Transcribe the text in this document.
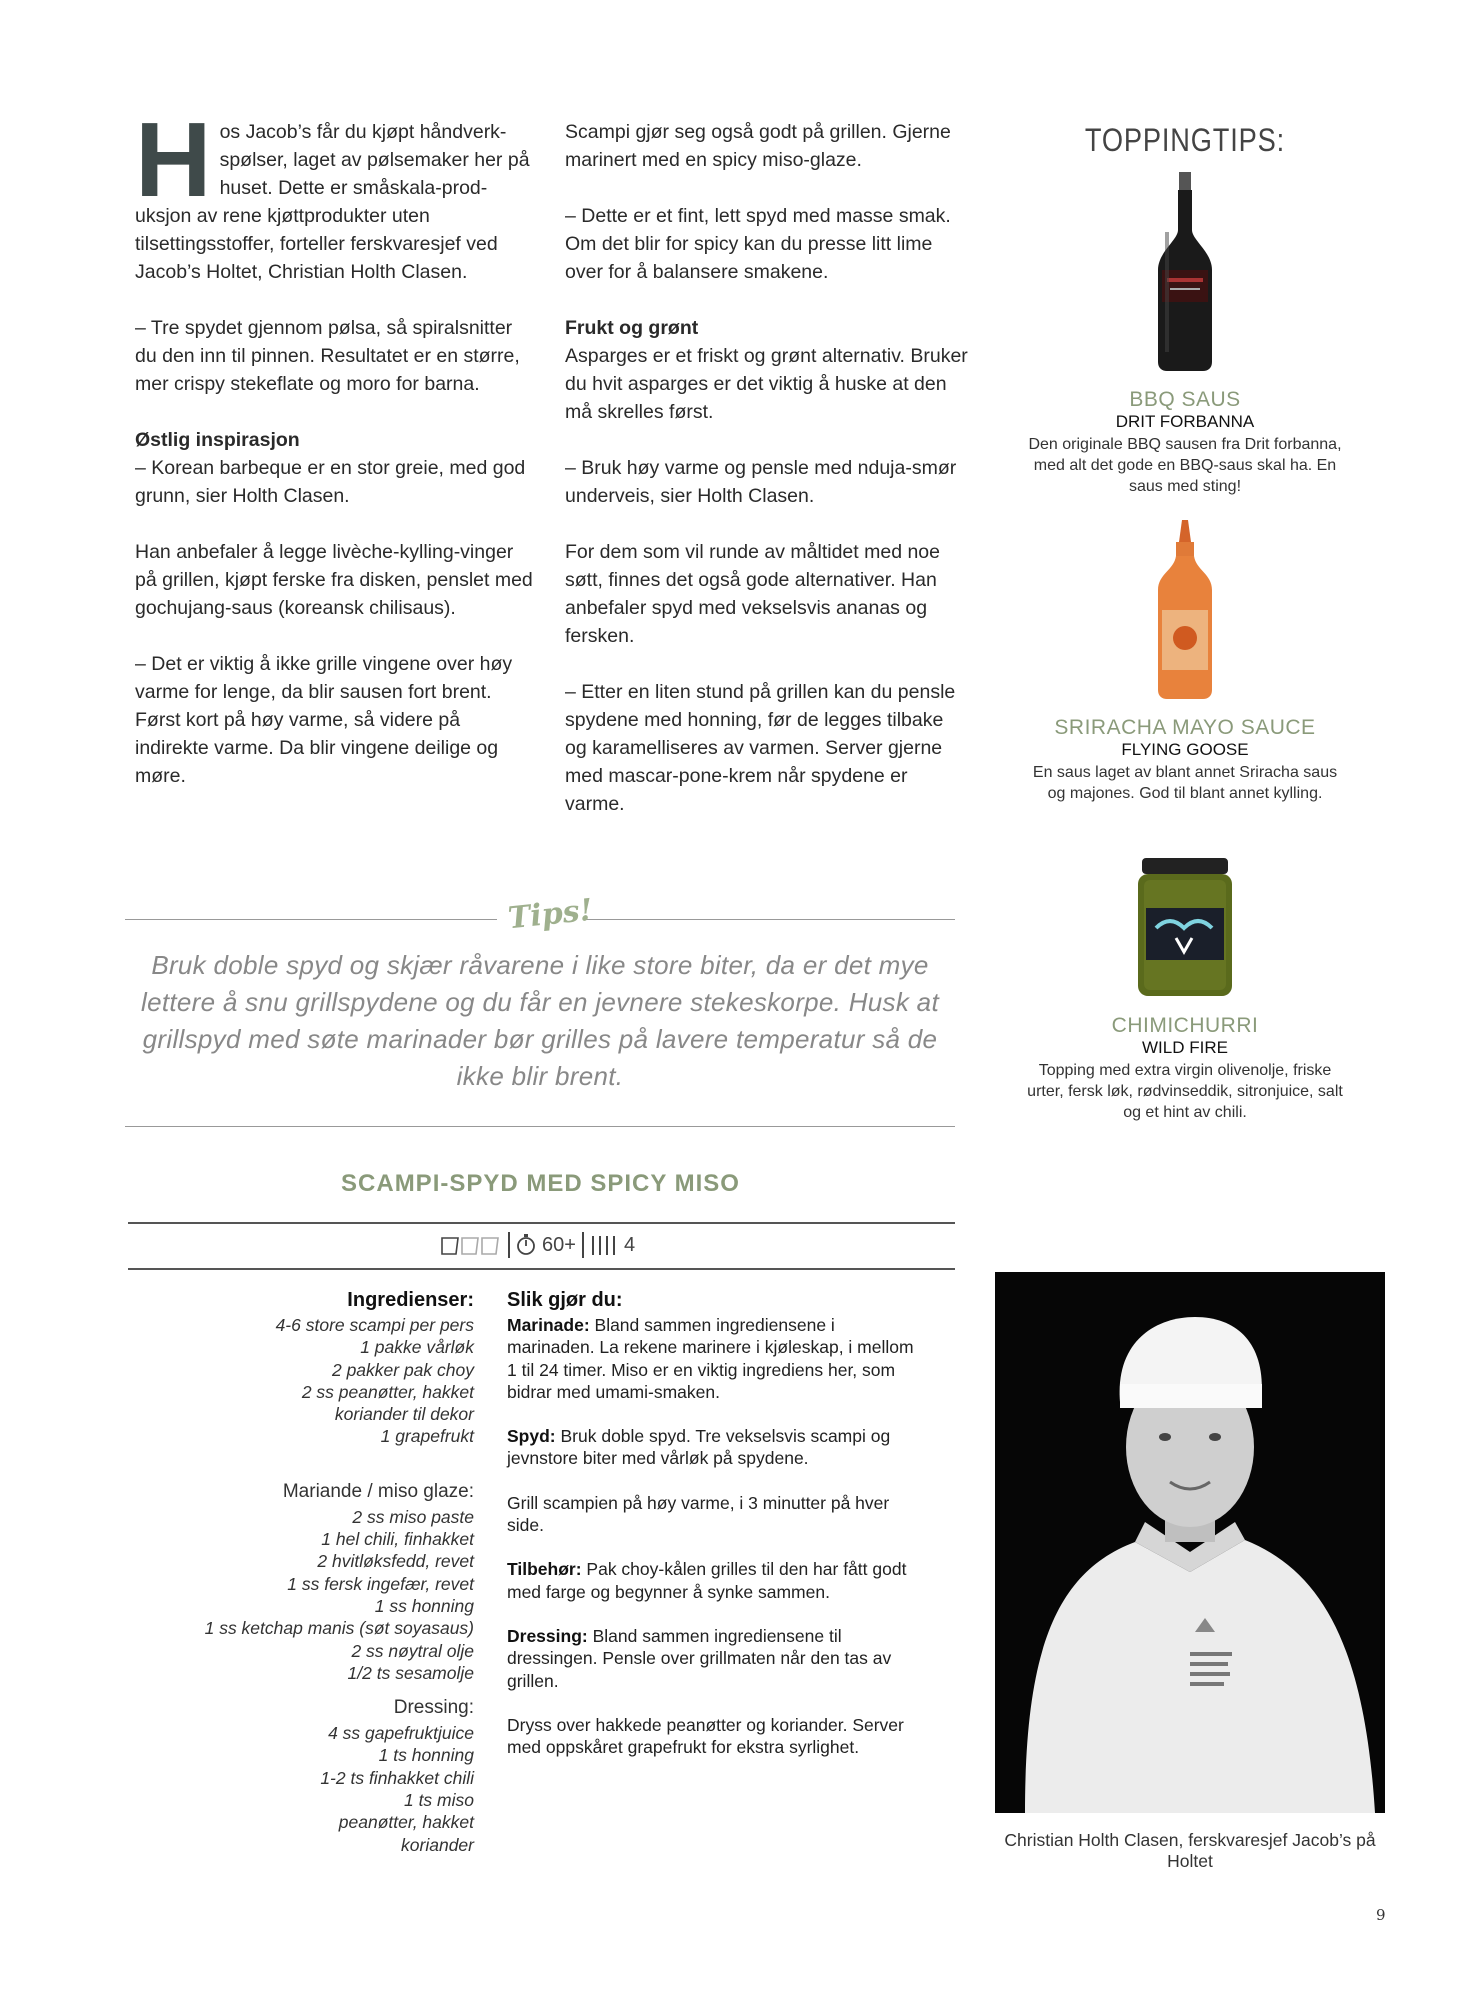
Hos Jacob’s får du kjøpt håndverk-spølser, laget av pølsemaker her på huset. Dette er småskala-prod-uksjon av rene kjøttprodukter uten tilsettingsstoffer, forteller ferskvaresjef ved Jacob’s Holtet, Christian Holth Clasen.

– Tre spydet gjennom pølsa, så spiralsnitter du den inn til pinnen. Resultatet er en større, mer crispy stekeflate og moro for barna.

Østlig inspirasjon

– Korean barbeque er en stor greie, med god grunn, sier Holth Clasen.

Han anbefaler å legge livèche-kylling-vinger på grillen, kjøpt ferske fra disken, penslet med gochujang-saus (koreansk chilisaus).

– Det er viktig å ikke grille vingene over høy varme for lenge, da blir sausen fort brent. Først kort på høy varme, så videre på indirekte varme. Da blir vingene deilige og møre.

Scampi gjør seg også godt på grillen. Gjerne marinert med en spicy miso-glaze.

– Dette er et fint, lett spyd med masse smak. Om det blir for spicy kan du presse litt lime over for å balansere smakene.

Frukt og grønt

Asparges er et friskt og grønt alternativ. Bruker du hvit asparges er det viktig å huske at den må skrelles først.

– Bruk høy varme og pensle med nduja-smør underveis, sier Holth Clasen.

For dem som vil runde av måltidet med noe søtt, finnes det også gode alternativer. Han anbefaler spyd med vekselsvis ananas og fersken.

– Etter en liten stund på grillen kan du pensle spydene med honning, før de legges tilbake og karamelliseres av varmen. Server gjerne med mascar-pone-krem når spydene er varme.

TOPPINGTIPS:
BBQ SAUS
DRIT FORBANNA
Den originale BBQ sausen fra Drit forbanna, med alt det gode en BBQ-saus skal ha. En saus med sting!
SRIRACHA MAYO SAUCE
FLYING GOOSE
En saus laget av blant annet Sriracha saus og majones. God til blant annet kylling.
CHIMICHURRI
WILD FIRE
Topping med extra virgin olivenolje, friske urter, fersk løk, rødvinseddik, sitronjuice, salt og et hint av chili.
Tips!
Bruk doble spyd og skjær råvarene i like store biter, da er det mye lettere å snu grillspydene og du får en jevnere stekeskorpe. Husk at grillspyd med søte marinader bør grilles på lavere temperatur så de ikke blir brent.
SCAMPI-SPYD MED SPICY MISO
60+ 4
Ingredienser:
4-6 store scampi per pers
1 pakke vårløk
2 pakker pak choy
2 ss peanøtter, hakket
koriander til dekor
1 grapefrukt
Mariande / miso glaze:
2 ss miso paste
1 hel chili, finhakket
2 hvitløksfedd, revet
1 ss fersk ingefær, revet
1 ss honning
1 ss ketchap manis (søt soyasaus)
2 ss nøytral olje
1/2 ts sesamolje
Dressing:
4 ss gapefruktjuice
1 ts honning
1-2 ts finhakket chili
1 ts miso
peanøtter, hakket
koriander
Slik gjør du:

Marinade: Bland sammen ingrediensene i marinaden. La rekene marinere i kjøleskap, i mellom 1 til 24 timer. Miso er en viktig ingrediens her, som bidrar med umami-smaken.

Spyd: Bruk doble spyd. Tre vekselsvis scampi og jevnstore biter med vårløk på spydene.

Grill scampien på høy varme, i 3 minutter på hver side.

Tilbehør: Pak choy-kålen grilles til den har fått godt med farge og begynner å synke sammen.

Dressing: Bland sammen ingrediensene til dressingen. Pensle over grillmaten når den tas av grillen.

Dryss over hakkede peanøtter og koriander. Server med oppskåret grapefrukt for ekstra syrlighet.

Christian Holth Clasen, ferskvaresjef Jacob’s på Holtet
9
